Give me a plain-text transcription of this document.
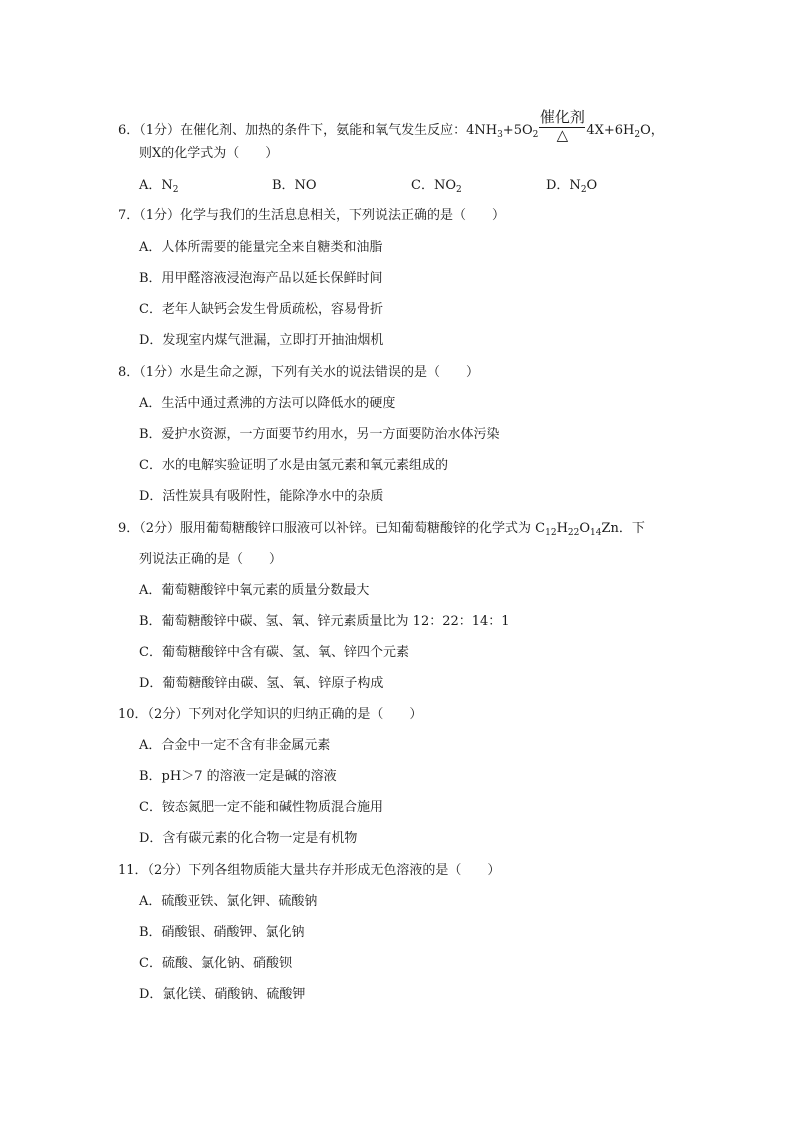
6．（1分）在催化剂、加热的条件下，氨能和氧气发生反应：$4NH_3+5O_2$
催化剂
△	$4X+6H_2O$，
则X的化学式为（　　）
A．$N_2$	B．NO	C．$NO_2$	D．$N_2O$
7．（1分）化学与我们的生活息息相关，下列说法正确的是（　　）
A．人体所需要的能量完全来自糖类和油脂
B．用甲醛溶液浸泡海产品以延长保鲜时间
C．老年人缺钙会发生骨质疏松，容易骨折
D．发现室内煤气泄漏，立即打开抽油烟机
8．（1分）水是生命之源，下列有关水的说法错误的是（　　）
A．生活中通过煮沸的方法可以降低水的硬度
B．爱护水资源，一方面要节约用水，另一方面要防治水体污染
C．水的电解实验证明了水是由氢元素和氧元素组成的
D．活性炭具有吸附性，能除净水中的杂质
9．（2分）服用葡萄糖酸锌口服液可以补锌。已知葡萄糖酸锌的化学式为 $C_{12}H_{22}O_{14}Zn$．下
列说法正确的是（　　）
A．葡萄糖酸锌中氧元素的质量分数最大
B．葡萄糖酸锌中碳、氢、氧、锌元素质量比为 12：22：14：1
C．葡萄糖酸锌中含有碳、氢、氧、锌四个元素
D．葡萄糖酸锌由碳、氢、氧、锌原子构成
10．（2分）下列对化学知识的归纳正确的是（　　）
A．合金中一定不含有非金属元素
B．pH＞7 的溶液一定是碱的溶液
C．铵态氮肥一定不能和碱性物质混合施用
D．含有碳元素的化合物一定是有机物
11．（2分）下列各组物质能大量共存并形成无色溶液的是（　　）
A．硫酸亚铁、氯化钾、硫酸钠
B．硝酸银、硝酸钾、氯化钠
C．硫酸、氯化钠、硝酸钡
D．氯化镁、硝酸钠、硫酸钾
